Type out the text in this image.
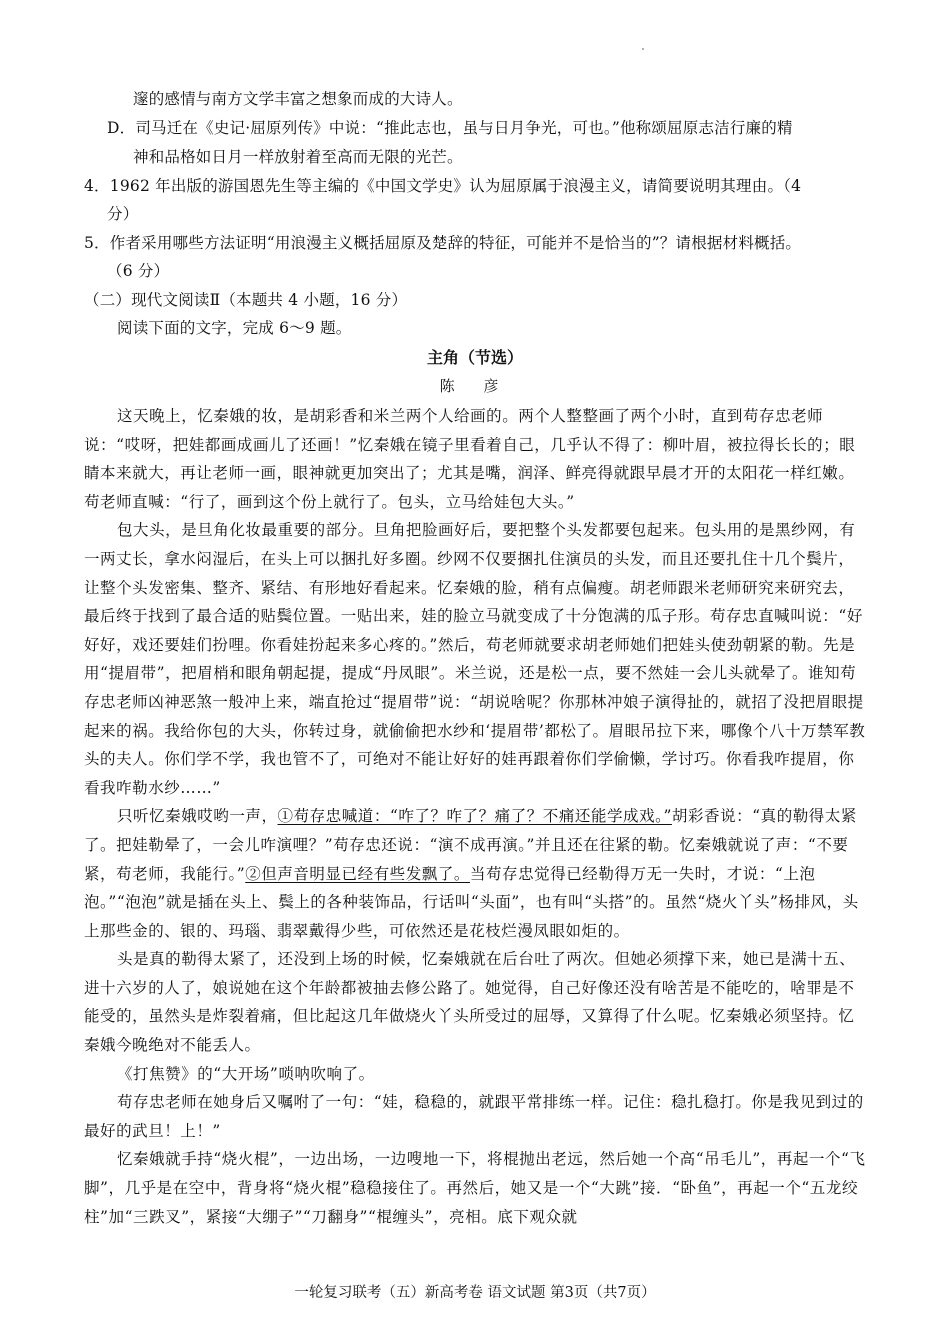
邃的感情与南方文学丰富之想象而成的大诗人。
D．司马迁在《史记·屈原列传》中说：“推此志也，虽与日月争光，可也。”他称颂屈原志洁行廉的精
神和品格如日月一样放射着至高而无限的光芒。
4．1962 年出版的游国恩先生等主编的《中国文学史》认为屈原属于浪漫主义，请简要说明其理由。（4
分）
5．作者采用哪些方法证明“用浪漫主义概括屈原及楚辞的特征，可能并不是恰当的”？请根据材料概括。
（6 分）
（二）现代文阅读Ⅱ（本题共 4 小题，16 分）
阅读下面的文字，完成 6～9 题。
主角（节选）
陈 彦

这天晚上，忆秦娥的妆，是胡彩香和米兰两个人给画的。两个人整整画了两个小时，直到苟存忠老师说：“哎呀，把娃都画成画儿了还画！”忆秦娥在镜子里看着自己，几乎认不得了：柳叶眉，被拉得长长的；眼睛本来就大，再让老师一画，眼神就更加突出了；尤其是嘴，润泽、鲜亮得就跟早晨才开的太阳花一样红嫩。苟老师直喊：“行了，画到这个份上就行了。包头，立马给娃包大头。”

包大头，是旦角化妆最重要的部分。旦角把脸画好后，要把整个头发都要包起来。包头用的是黑纱网，有一两丈长，拿水闷湿后，在头上可以捆扎好多圈。纱网不仅要捆扎住演员的头发，而且还要扎住十几个鬓片，让整个头发密集、整齐、紧结、有形地好看起来。忆秦娥的脸，稍有点偏瘦。胡老师跟米老师研究来研究去，最后终于找到了最合适的贴鬓位置。一贴出来，娃的脸立马就变成了十分饱满的瓜子形。苟存忠直喊叫说：“好好好，戏还要娃们扮哩。你看娃扮起来多心疼的。”然后，苟老师就要求胡老师她们把娃头使劲朝紧的勒。先是用“提眉带”，把眉梢和眼角朝起提，提成“丹凤眼”。米兰说，还是松一点，要不然娃一会儿头就晕了。谁知苟存忠老师凶神恶煞一般冲上来，端直抢过“提眉带”说：“胡说啥呢？你那林冲娘子演得扯的，就招了没把眉眼提起来的祸。我给你包的大头，你转过身，就偷偷把水纱和‘提眉带’都松了。眉眼吊拉下来，哪像个八十万禁军教头的夫人。你们学不学，我也管不了，可绝对不能让好好的娃再跟着你们学偷懒，学讨巧。你看我咋提眉，你看我咋勒水纱……”

只听忆秦娥哎哟一声，①苟存忠喊道：“咋了？咋了？痛了？不痛还能学成戏。”胡彩香说：“真的勒得太紧了。把娃勒晕了，一会儿咋演哩？”苟存忠还说：“演不成再演。”并且还在往紧的勒。忆秦娥就说了声：“不要紧，苟老师，我能行。”②但声音明显已经有些发飘了。当苟存忠觉得已经勒得万无一失时，才说：“上泡泡。”“泡泡”就是插在头上、鬓上的各种装饰品，行话叫“头面”，也有叫“头搭”的。虽然“烧火丫头”杨排风，头上那些金的、银的、玛瑙、翡翠戴得少些，可依然还是花枝烂漫凤眼如炬的。

头是真的勒得太紧了，还没到上场的时候，忆秦娥就在后台吐了两次。但她必须撑下来，她已是满十五、进十六岁的人了，娘说她在这个年龄都被抽去修公路了。她觉得，自己好像还没有啥苦是不能吃的，啥罪是不能受的，虽然头是炸裂着痛，但比起这几年做烧火丫头所受过的屈辱，又算得了什么呢。忆秦娥必须坚持。忆秦娥今晚绝对不能丢人。

《打焦赞》的“大开场”唢呐吹响了。

苟存忠老师在她身后又嘱咐了一句：“娃，稳稳的，就跟平常排练一样。记住：稳扎稳打。你是我见到过的最好的武旦！上！”

忆秦娥就手持“烧火棍”，一边出场，一边嗖地一下，将棍抛出老远，然后她一个高“吊毛儿”，再起一个“飞脚”，几乎是在空中，背身将“烧火棍”稳稳接住了。再然后，她又是一个“大跳”接．“卧鱼”，再起一个“五龙绞柱”加“三跌叉”，紧接“大绷子”“刀翻身”“棍缠头”，亮相。底下观众就

一轮复习联考（五）新高考卷 语文试题 第3页（共7页）
